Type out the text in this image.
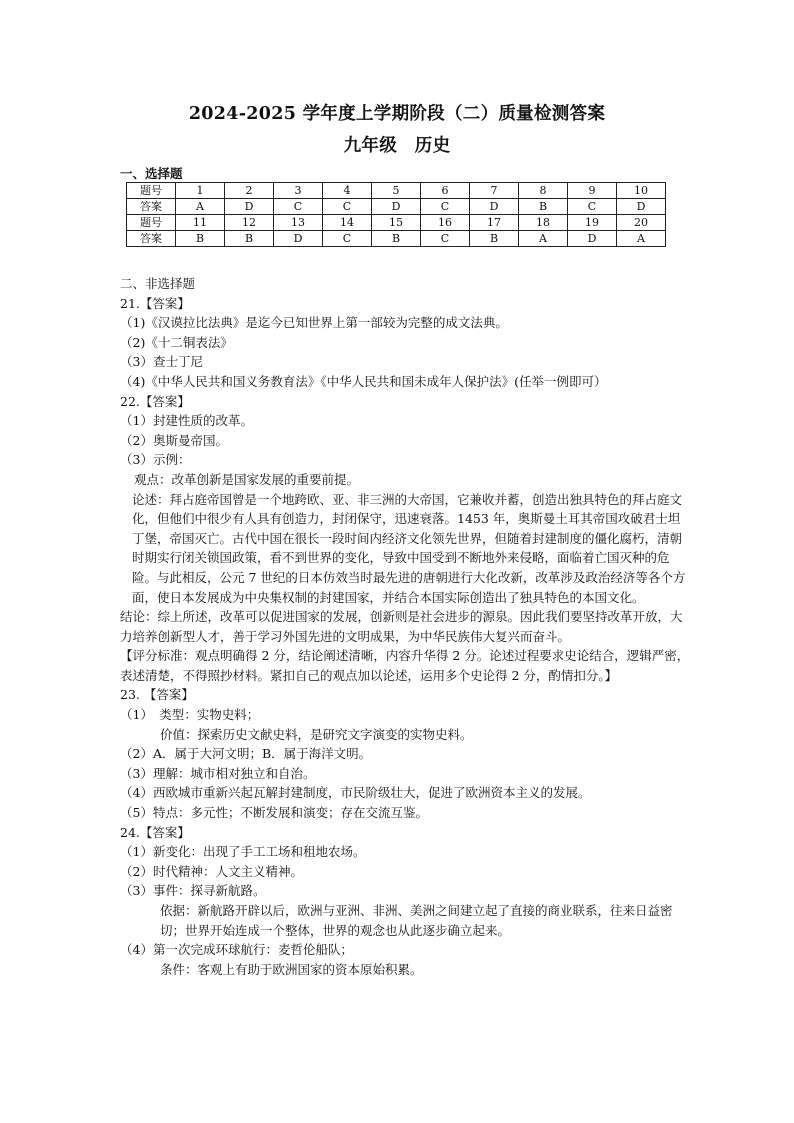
2024-2025 学年度上学期阶段（二）质量检测答案
九年级　历史
一、选择题
题号	1	2	3	4	5	6	7	8	9	10
答案	A	D	C	C	D	C	D	B	C	D
题号	11	12	13	14	15	16	17	18	19	20
答案	B	B	D	C	B	C	B	A	D	A

二、非选择题

21.【答案】

（1)《汉谟拉比法典》是迄今已知世界上第一部较为完整的成文法典。

（2)《十二铜表法》

（3）查士丁尼

（4)《中华人民共和国义务教育法》《中华人民共和国未成年人保护法》(任举一例即可）

22.【答案】

（1）封建性质的改革。

（2）奥斯曼帝国。

（3）示例：

观点：改革创新是国家发展的重要前提。

论述：拜占庭帝国曾是一个地跨欧、亚、非三洲的大帝国，它兼收并蓄，创造出独具特色的拜占庭文化，但他们中很少有人具有创造力，封闭保守，迅速衰落。1453 年，奥斯曼土耳其帝国攻破君士坦丁堡，帝国灭亡。古代中国在很长一段时间内经济文化领先世界，但随着封建制度的僵化腐朽，清朝时期实行闭关锁国政策，看不到世界的变化，导致中国受到不断地外来侵略，面临着亡国灭种的危险。与此相反，公元 7 世纪的日本仿效当时最先进的唐朝进行大化改新，改革涉及政治经济等各个方面，使日本发展成为中央集权制的封建国家，并结合本国实际创造出了独具特色的本国文化。

结论：综上所述，改革可以促进国家的发展，创新则是社会进步的源泉。因此我们要坚持改革开放，大力培养创新型人才，善于学习外国先进的文明成果，为中华民族伟大复兴而奋斗。

【评分标准：观点明确得 2 分，结论阐述清晰，内容升华得 2 分。论述过程要求史论结合，逻辑严密，表述清楚，不得照抄材料。紧扣自己的观点加以论述，运用多个史论得 2 分，酌情扣分。】

23. 【答案】

（1）　类型：实物史料；

价值：探索历史文献史料，是研究文字演变的实物史料。

（2）A．属于大河文明；B．属于海洋文明。

（3）理解：城市相对独立和自治。

（4）西欧城市重新兴起瓦解封建制度，市民阶级壮大，促进了欧洲资本主义的发展。

（5）特点：多元性；不断发展和演变；存在交流互鉴。

24.【答案】

（1）新变化：出现了手工工场和租地农场。

（2）时代精神：人文主义精神。

（3）事件：探寻新航路。

依据：新航路开辟以后，欧洲与亚洲、非洲、美洲之间建立起了直接的商业联系，往来日益密切；世界开始连成一个整体，世界的观念也从此逐步确立起来。

（4）第一次完成环球航行：麦哲伦船队；

条件：客观上有助于欧洲国家的资本原始积累。
